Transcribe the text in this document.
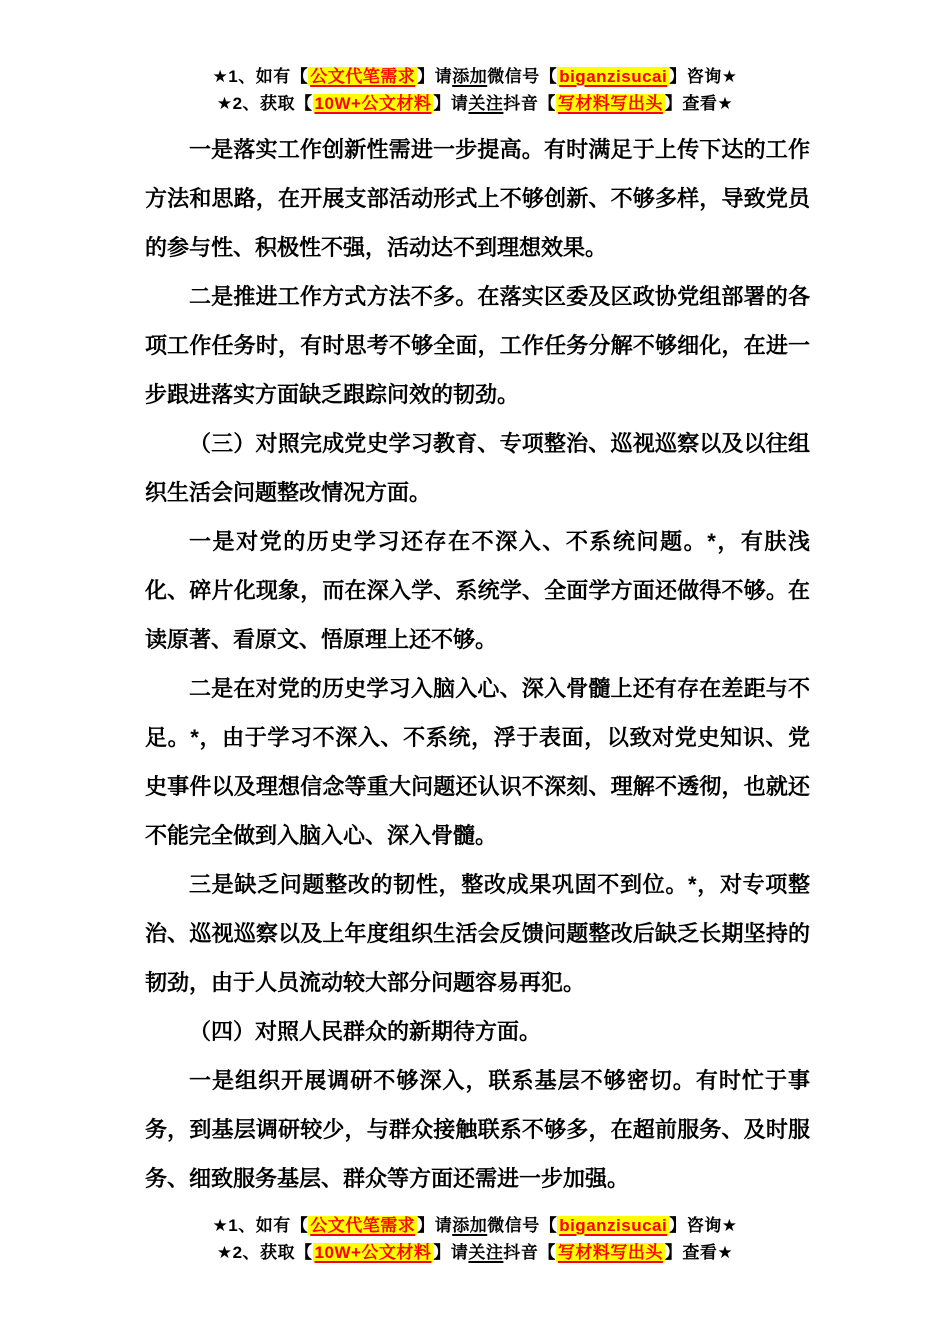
★1、如有【 公文代笔需求 】请添加微信号【 biganzisucai 】咨询★
★2、获取【 10W+公文材料 】请关注抖音【 写材料写出头 】查看★

一是落实工作创新性需进一步提高。有时满足于上传下达的工作方法和思路，在开展支部活动形式上不够创新、不够多样，导致党员的参与性、积极性不强，活动达不到理想效果。

二是推进工作方式方法不多。在落实区委及区政协党组部署的各项工作任务时，有时思考不够全面，工作任务分解不够细化，在进一步跟进落实方面缺乏跟踪问效的韧劲。

（三）对照完成党史学习教育、专项整治、巡视巡察以及以往组织生活会问题整改情况方面。

一是对党的历史学习还存在不深入、不系统问题。*，有肤浅化、碎片化现象，而在深入学、系统学、全面学方面还做得不够。在读原著、看原文、悟原理上还不够。

二是在对党的历史学习入脑入心、深入骨髓上还有存在差距与不足。*，由于学习不深入、不系统，浮于表面，以致对党史知识、党史事件以及理想信念等重大问题还认识不深刻、理解不透彻，也就还不能完全做到入脑入心、深入骨髓。

三是缺乏问题整改的韧性，整改成果巩固不到位。*，对专项整治、巡视巡察以及上年度组织生活会反馈问题整改后缺乏长期坚持的韧劲，由于人员流动较大部分问题容易再犯。

（四）对照人民群众的新期待方面。

一是组织开展调研不够深入，联系基层不够密切。有时忙于事务，到基层调研较少，与群众接触联系不够多，在超前服务、及时服务、细致服务基层、群众等方面还需进一步加强。

★1、如有【 公文代笔需求 】请添加微信号【 biganzisucai 】咨询★
★2、获取【 10W+公文材料 】请关注抖音【 写材料写出头 】查看★
